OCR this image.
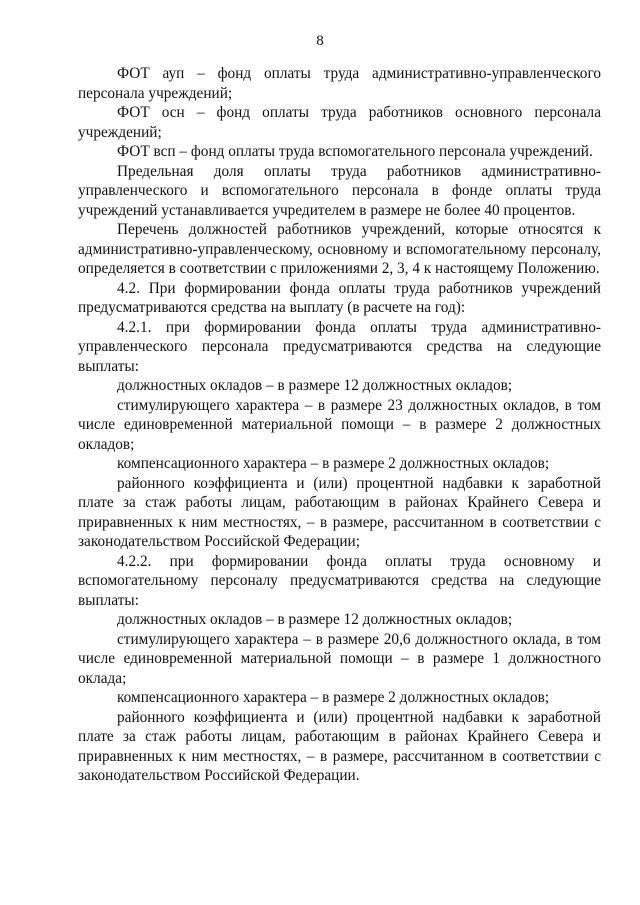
8

ФОТ ауп – фонд оплаты труда административно-управленческого персонала учреждений;

ФОТ осн – фонд оплаты труда работников основного персонала учреждений;

ФОТ всп – фонд оплаты труда вспомогательного персонала учреждений.

Предельная доля оплаты труда работников административно-управленческого и вспомогательного персонала в фонде оплаты труда учреждений устанавливается учредителем в размере не более 40 процентов.

Перечень должностей работников учреждений, которые относятся к административно-управленческому, основному и вспомогательному персоналу, определяется в соответствии с приложениями 2, 3, 4 к настоящему Положению.

4.2. При формировании фонда оплаты труда работников учреждений предусматриваются средства на выплату (в расчете на год):

4.2.1. при формировании фонда оплаты труда административно-управленческого персонала предусматриваются средства на следующие выплаты:

должностных окладов – в размере 12 должностных окладов;

стимулирующего характера – в размере 23 должностных окладов, в том числе единовременной материальной помощи – в размере 2 должностных окладов;

компенсационного характера – в размере 2 должностных окладов;

районного коэффициента и (или) процентной надбавки к заработной плате за стаж работы лицам, работающим в районах Крайнего Севера и приравненных к ним местностях, – в размере, рассчитанном в соответствии с законодательством Российской Федерации;

4.2.2. при формировании фонда оплаты труда основному и вспомогательному персоналу предусматриваются средства на следующие выплаты:

должностных окладов – в размере 12 должностных окладов;

стимулирующего характера – в размере 20,6 должностного оклада, в том числе единовременной материальной помощи – в размере 1 должностного оклада;

компенсационного характера – в размере 2 должностных окладов;

районного коэффициента и (или) процентной надбавки к заработной плате за стаж работы лицам, работающим в районах Крайнего Севера и приравненных к ним местностях, – в размере, рассчитанном в соответствии с законодательством Российской Федерации.
